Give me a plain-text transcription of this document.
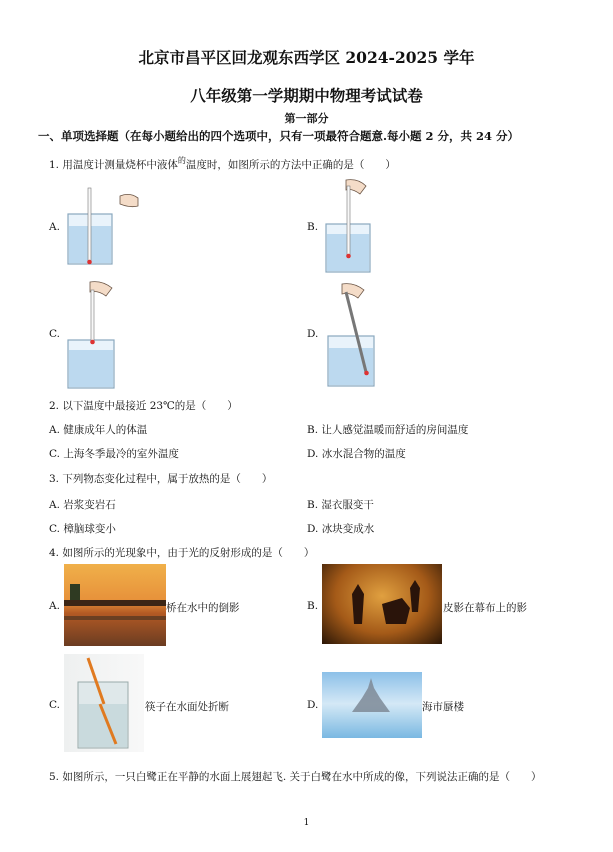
北京市昌平区回龙观东西学区 2024-2025 学年
八年级第一学期期中物理考试试卷
第一部分
一、单项选择题（在每小题给出的四个选项中，只有一项最符合题意.每小题 2 分，共 24 分）
1. 用温度计测量烧杯中液体$^的$温度时，如图所示的方法中正确的是（　　）
A.	B.
C.	D.
2. 以下温度中最接近 23℃的是（　　）
A. 健康成年人的体温	B. 让人感觉温暖而舒适的房间温度
C. 上海冬季最冷的室外温度	D. 冰水混合物的温度
3. 下列物态变化过程中，属于放热的是（　　）
A. 岩浆变岩石	B. 湿衣服变干
C. 樟脑球变小	D. 冰块变成水
4. 如图所示的光现象中，由于光的反射形成的是（　　）
A.	桥在水中的倒影	B.	皮影在幕布上的影
C.	筷子在水面处折断	D.	海市蜃楼
5. 如图所示，一只白鹭正在平静的水面上展翅起飞. 关于白鹭在水中所成的像，下列说法正确的是（　　）
1
